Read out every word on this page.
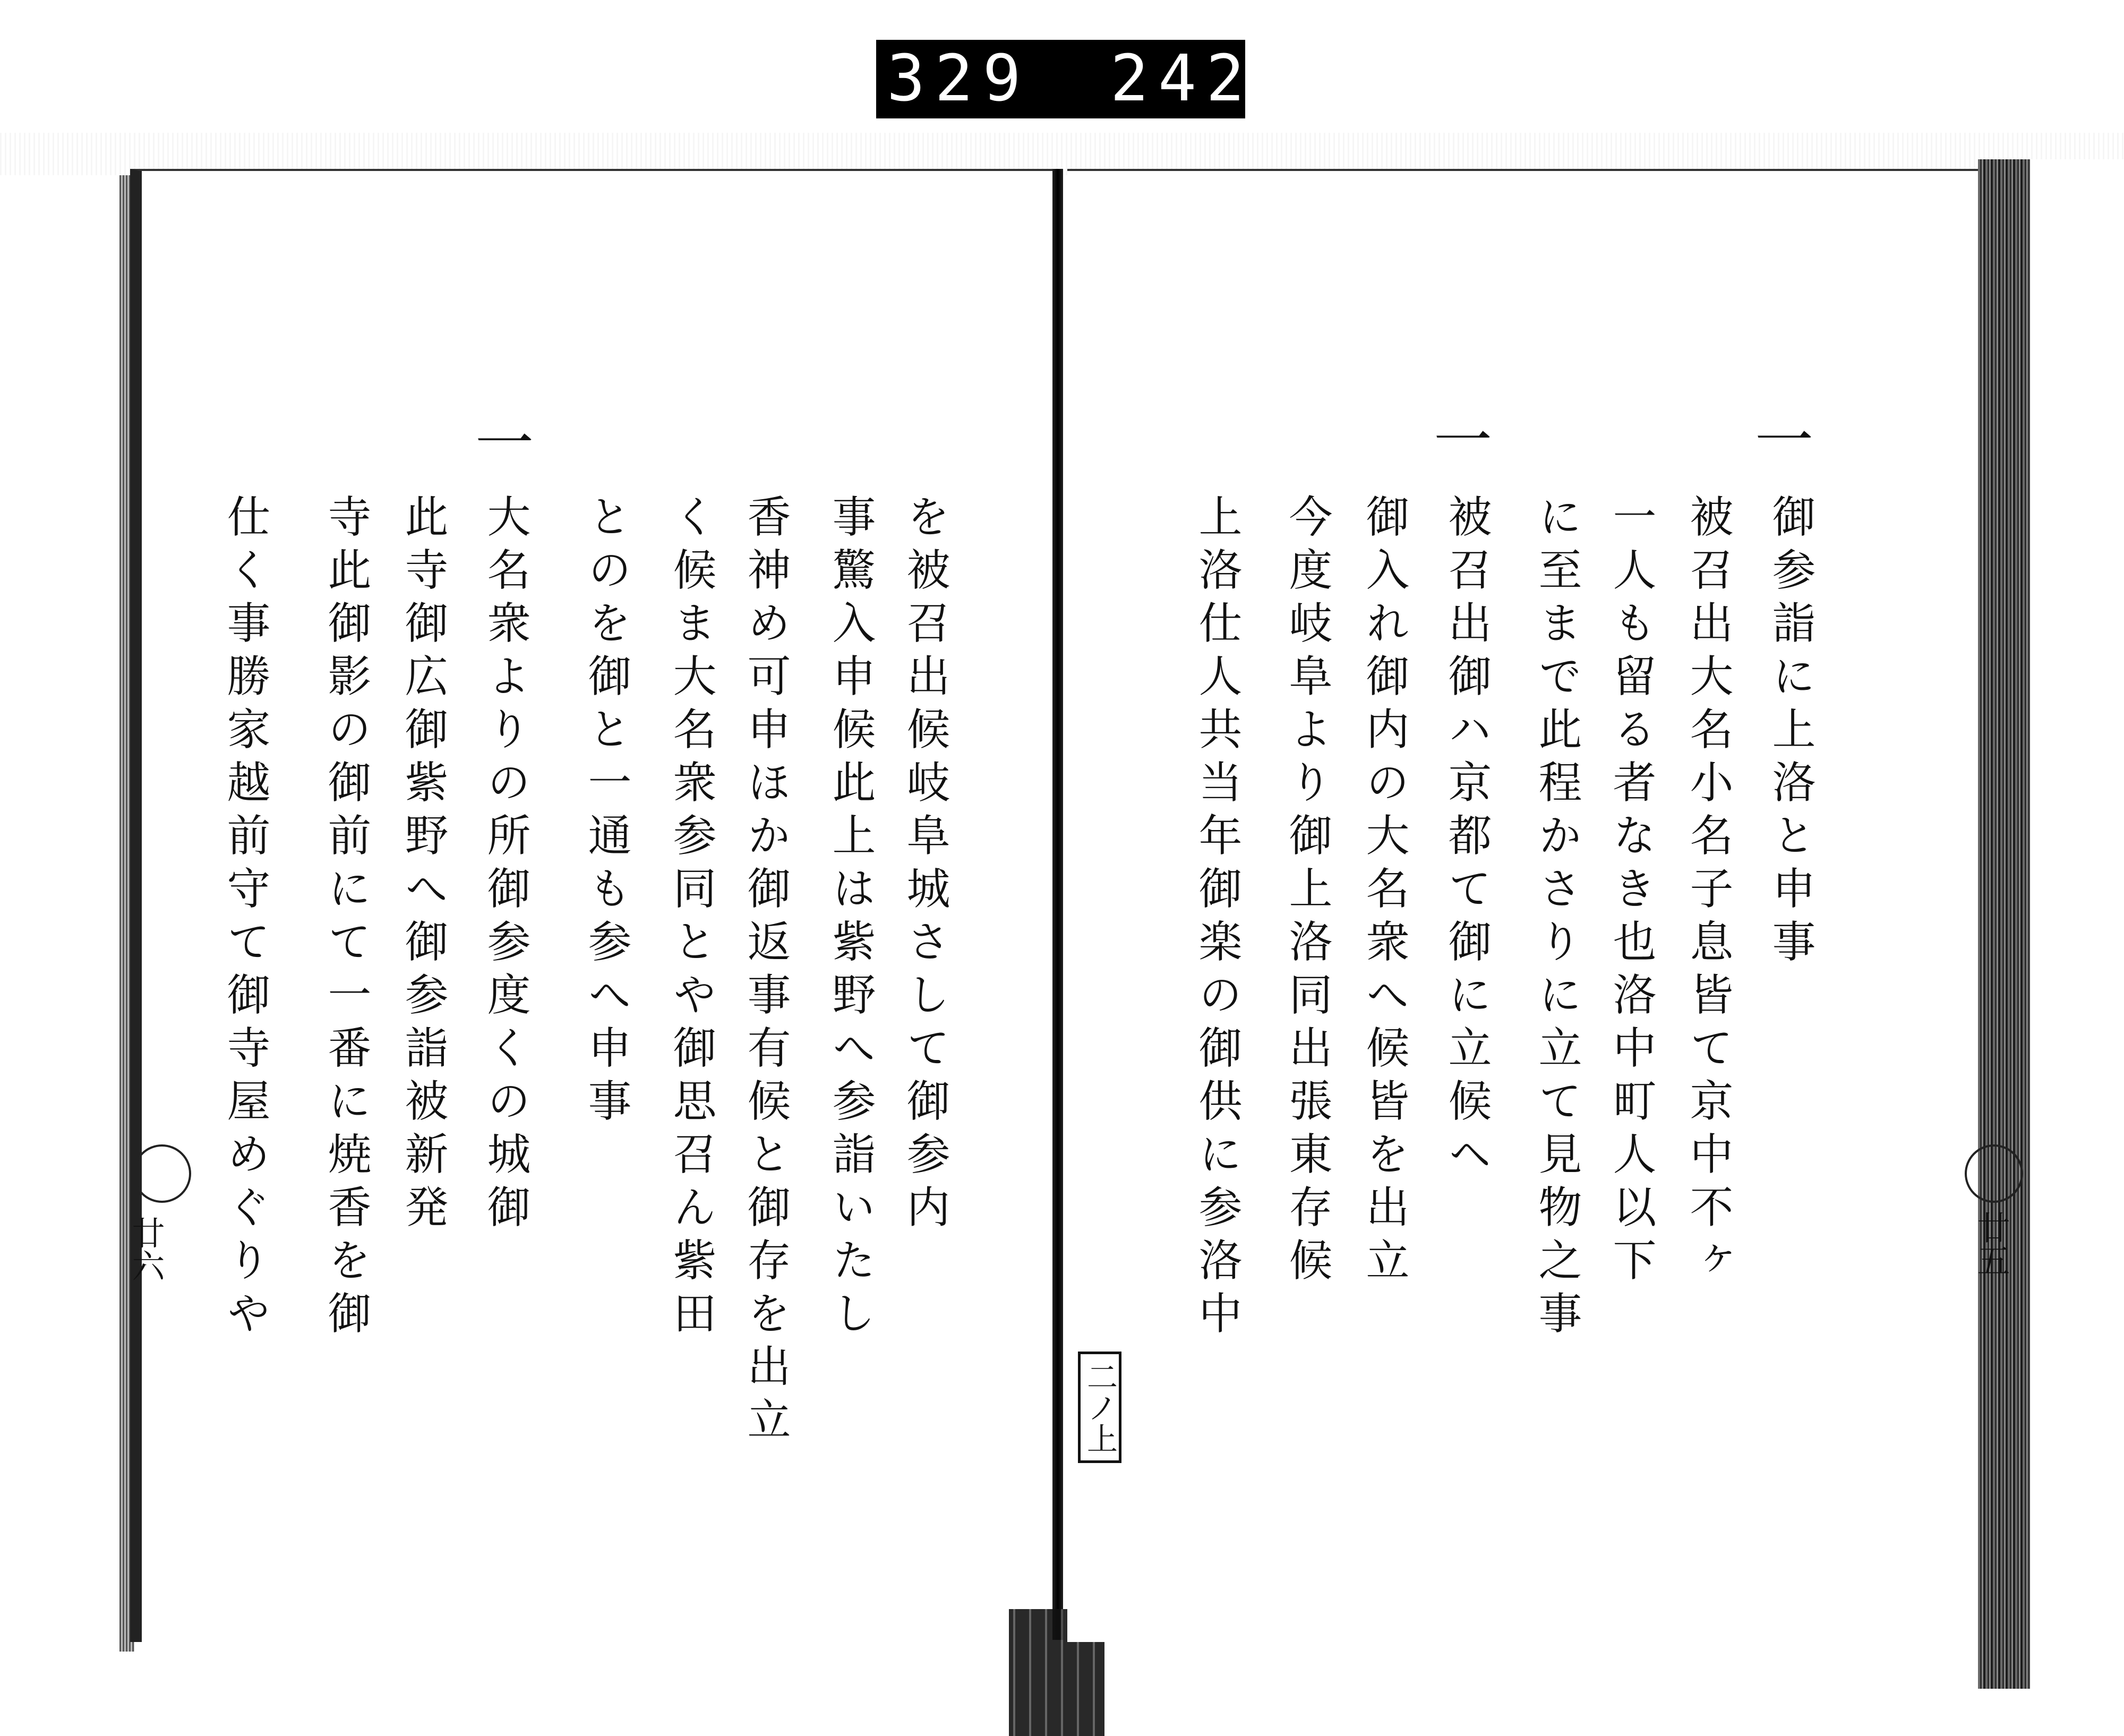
329 242.
御参詣に上洛と申事
一
被召出大名小名子息皆て京中不ヶ
一人も留る者なき也洛中町人以下
に至まで此程かさりに立て見物之事
一
被召出御ハ京都て御に立候ヘ
御入れ御内の大名衆へ候皆を出立
今度岐阜より御上洛同出張東存候
上洛仕人共当年御楽の御供に参洛中
二ノ上
廿五
を被召出候岐阜城さして御参内
事驚入申候此上は紫野へ参詣いたし
香神め可申ほか御返事有候と御存を出立
く候ま大名衆参同とや御思召ん紫田
とのを御と一通も参へ申事
一
大名衆よりの所御参度くの城御
此寺御広御紫野へ御参詣被新発
寺此御影の御前にて一番に焼香を御
仕く事勝家越前守て御寺屋めぐりや
廿六
